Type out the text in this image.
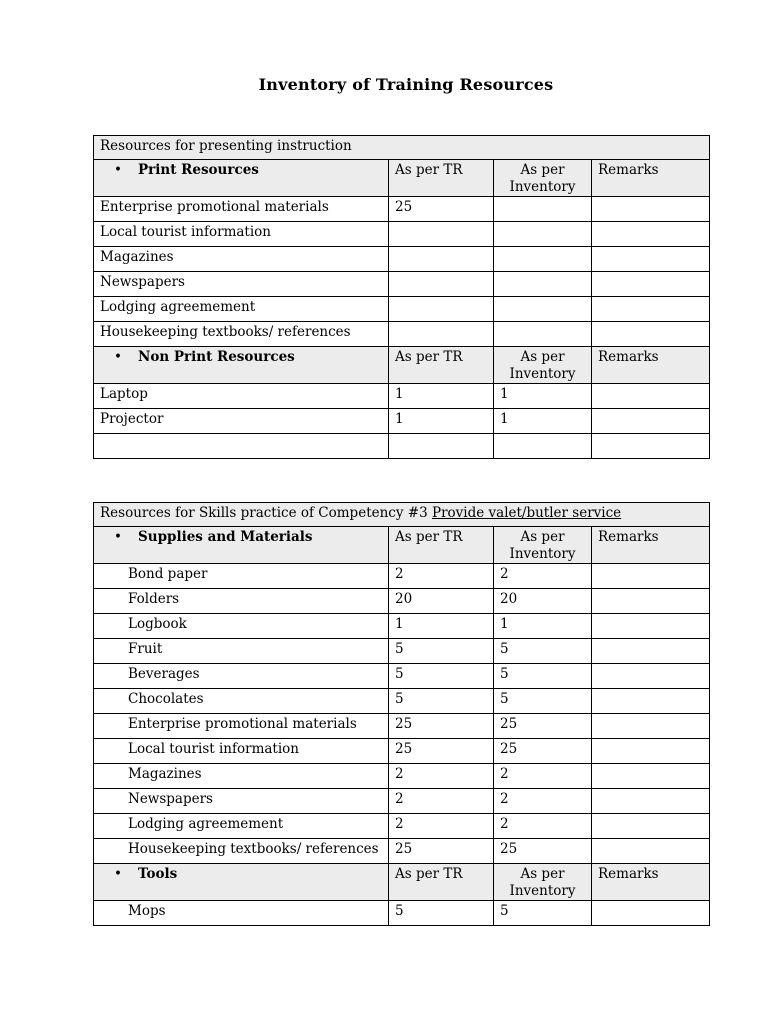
Inventory of Training Resources
Resources for presenting instruction			
• Print Resources	As per TR	As per Inventory	Remarks
Enterprise promotional materials	25		
Local tourist information			
Magazines			
Newspapers			
Lodging agreemement			
Housekeeping textbooks/ references			
• Non Print Resources	As per TR	As per Inventory	Remarks
Laptop	1	1	
Projector	1	1	

Resources for Skills practice of Competency #3 Provide valet/butler service			
• Supplies and Materials	As per TR	As per Inventory	Remarks
Bond paper	2	2	
Folders	20	20	
Logbook	1	1	
Fruit	5	5	
Beverages	5	5	
Chocolates	5	5	
Enterprise promotional materials	25	25	
Local tourist information	25	25	
Magazines	2	2	
Newspapers	2	2	
Lodging agreemement	2	2	
Housekeeping textbooks/ references	25	25	
• Tools	As per TR	As per Inventory	Remarks
Mops	5	5	
